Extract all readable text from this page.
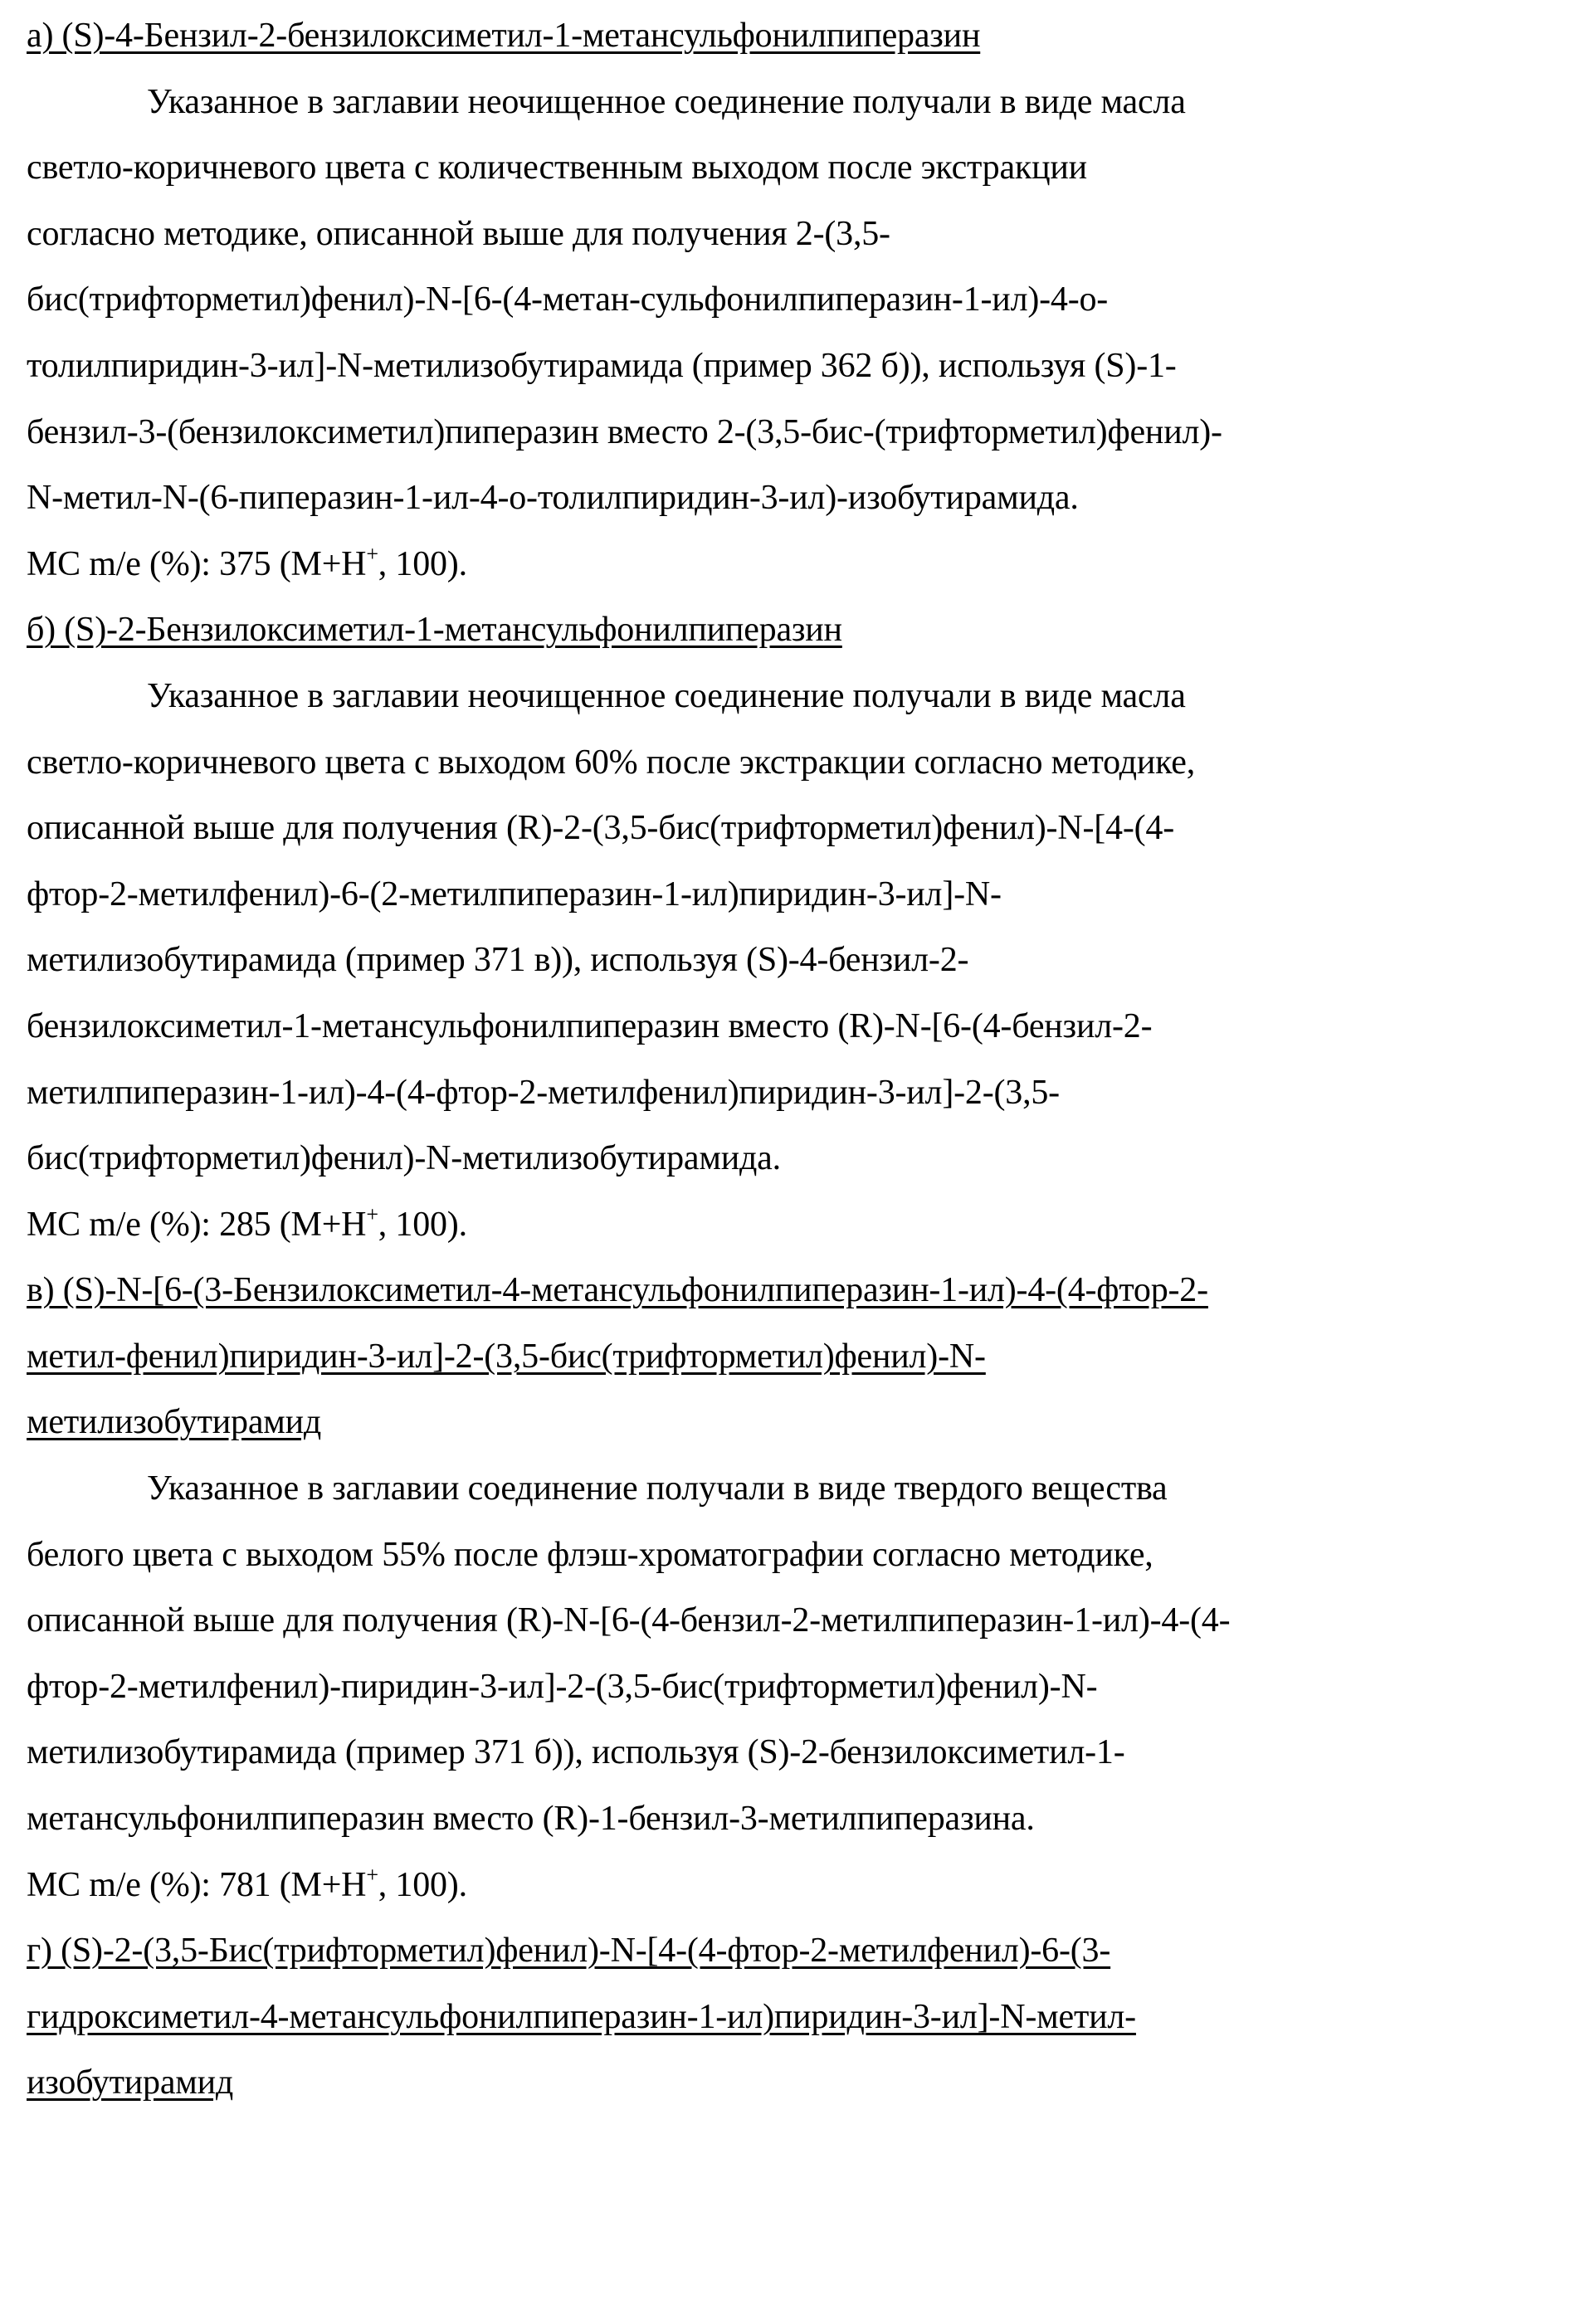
а) (S)-4-Бензил-2-бензилоксиметил-1-метансульфонилпиперазин
Указанное в заглавии неочищенное соединение получали в виде масла
светло-коричневого цвета с количественным выходом после экстракции
согласно методике, описанной выше для получения 2-(3,5-
бис(трифторметил)фенил)-N-[6-(4-метан-сульфонилпиперазин-1-ил)-4-о-
толилпиридин-3-ил]-N-метилизобутирамида (пример 362 б)), используя (S)-1-
бензил-3-(бензилоксиметил)пиперазин вместо 2-(3,5-бис-(трифторметил)фенил)-
N-метил-N-(6-пиперазин-1-ил-4-о-толилпиридин-3-ил)-изобутирамида.
МС m/e (%): 375 (M+H+, 100).
б) (S)-2-Бензилоксиметил-1-метансульфонилпиперазин
Указанное в заглавии неочищенное соединение получали в виде масла
светло-коричневого цвета с выходом 60% после экстракции согласно методике,
описанной выше для получения (R)-2-(3,5-бис(трифторметил)фенил)-N-[4-(4-
фтор-2-метилфенил)-6-(2-метилпиперазин-1-ил)пиридин-3-ил]-N-
метилизобутирамида (пример 371 в)), используя (S)-4-бензил-2-
бензилоксиметил-1-метансульфонилпиперазин вместо (R)-N-[6-(4-бензил-2-
метилпиперазин-1-ил)-4-(4-фтор-2-метилфенил)пиридин-3-ил]-2-(3,5-
бис(трифторметил)фенил)-N-метилизобутирамида.
МС m/e (%): 285 (M+H+, 100).
в) (S)-N-[6-(3-Бензилоксиметил-4-метансульфонилпиперазин-1-ил)-4-(4-фтор-2-
метил-фенил)пиридин-3-ил]-2-(3,5-бис(трифторметил)фенил)-N-
метилизобутирамид
Указанное в заглавии соединение получали в виде твердого вещества
белого цвета с выходом 55% после флэш-хроматографии согласно методике,
описанной выше для получения (R)-N-[6-(4-бензил-2-метилпиперазин-1-ил)-4-(4-
фтор-2-метилфенил)-пиридин-3-ил]-2-(3,5-бис(трифторметил)фенил)-N-
метилизобутирамида (пример 371 б)), используя (S)-2-бензилоксиметил-1-
метансульфонилпиперазин вместо (R)-1-бензил-3-метилпиперазина.
МС m/e (%): 781 (M+H+, 100).
г) (S)-2-(3,5-Бис(трифторметил)фенил)-N-[4-(4-фтор-2-метилфенил)-6-(3-
гидроксиметил-4-метансульфонилпиперазин-1-ил)пиридин-3-ил]-N-метил-
изобутирамид
